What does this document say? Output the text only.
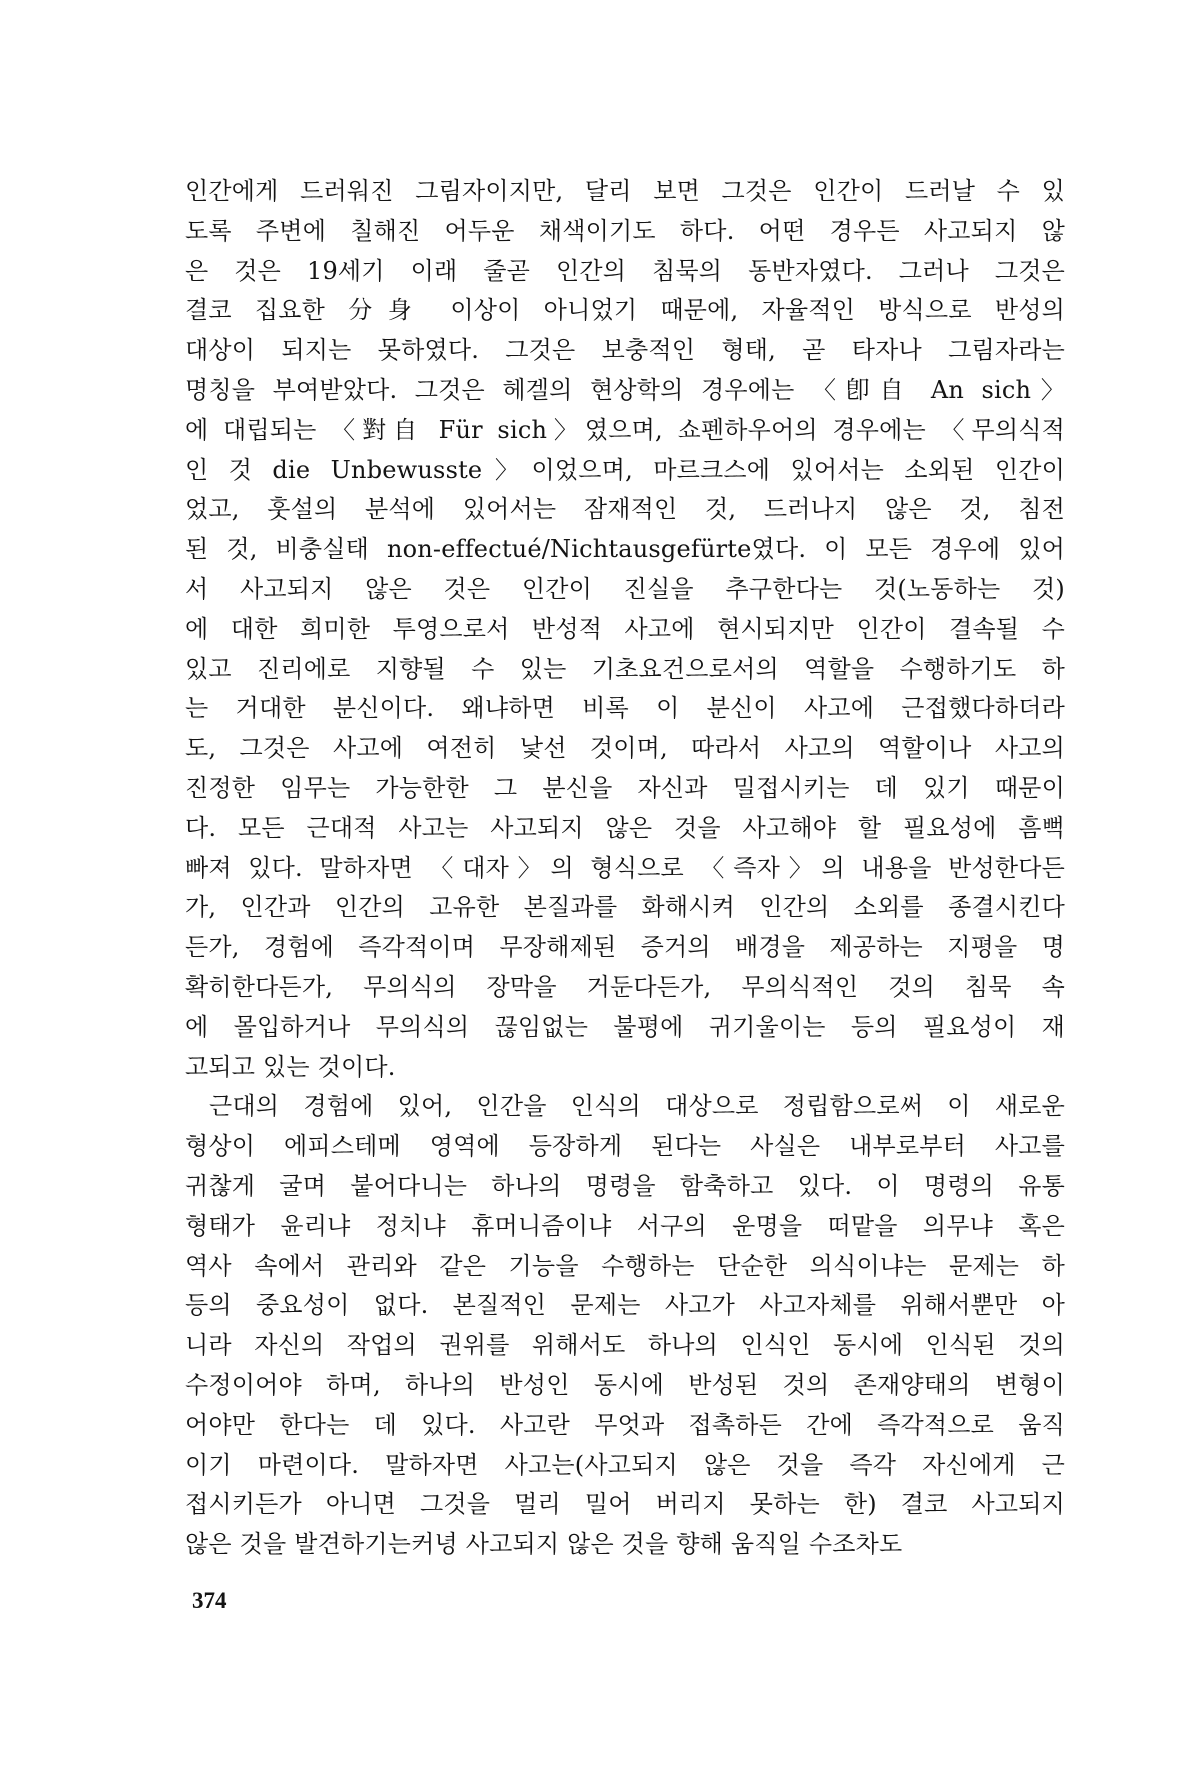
인간에게 드러워진 그림자이지만, 달리 보면 그것은 인간이 드러날 수 있
도록 주변에 칠해진 어두운 채색이기도 하다. 어떤 경우든 사고되지 않
은 것은 19세기 이래 줄곧 인간의 침묵의 동반자였다. 그러나 그것은
결코 집요한 分身 이상이 아니었기 때문에, 자율적인 방식으로 반성의
대상이 되지는 못하였다. 그것은 보충적인 형태, 곧 타자나 그림자라는
명칭을 부여받았다. 그것은 헤겔의 현상학의 경우에는 〈卽自 An sich〉
에 대립되는 〈對自 Für sich〉였으며, 쇼펜하우어의 경우에는 〈무의식적
인 것 die Unbewusste〉이었으며, 마르크스에 있어서는 소외된 인간이
었고, 훗설의 분석에 있어서는 잠재적인 것, 드러나지 않은 것, 침전
된 것, 비충실태 non-effectué/Nichtausgefürte였다. 이 모든 경우에 있어
서 사고되지 않은 것은 인간이 진실을 추구한다는 것(노동하는 것)
에 대한 희미한 투영으로서 반성적 사고에 현시되지만 인간이 결속될 수
있고 진리에로 지향될 수 있는 기초요건으로서의 역할을 수행하기도 하
는 거대한 분신이다. 왜냐하면 비록 이 분신이 사고에 근접했다하더라
도, 그것은 사고에 여전히 낯선 것이며, 따라서 사고의 역할이나 사고의
진정한 임무는 가능한한 그 분신을 자신과 밀접시키는 데 있기 때문이
다. 모든 근대적 사고는 사고되지 않은 것을 사고해야 할 필요성에 흠뻑
빠져 있다. 말하자면 〈대자〉의 형식으로 〈즉자〉의 내용을 반성한다든
가, 인간과 인간의 고유한 본질과를 화해시켜 인간의 소외를 종결시킨다
든가, 경험에 즉각적이며 무장해제된 증거의 배경을 제공하는 지평을 명
확히한다든가, 무의식의 장막을 거둔다든가, 무의식적인 것의 침묵 속
에 몰입하거나 무의식의 끊임없는 불평에 귀기울이는 등의 필요성이 재
고되고 있는 것이다.
근대의 경험에 있어, 인간을 인식의 대상으로 정립함으로써 이 새로운
형상이 에피스테메 영역에 등장하게 된다는 사실은 내부로부터 사고를
귀찮게 굴며 붙어다니는 하나의 명령을 함축하고 있다. 이 명령의 유통
형태가 윤리냐 정치냐 휴머니즘이냐 서구의 운명을 떠맡을 의무냐 혹은
역사 속에서 관리와 같은 기능을 수행하는 단순한 의식이냐는 문제는 하
등의 중요성이 없다. 본질적인 문제는 사고가 사고자체를 위해서뿐만 아
니라 자신의 작업의 권위를 위해서도 하나의 인식인 동시에 인식된 것의
수정이어야 하며, 하나의 반성인 동시에 반성된 것의 존재양태의 변형이
어야만 한다는 데 있다. 사고란 무엇과 접촉하든 간에 즉각적으로 움직
이기 마련이다. 말하자면 사고는(사고되지 않은 것을 즉각 자신에게 근
접시키든가 아니면 그것을 멀리 밀어 버리지 못하는 한) 결코 사고되지
않은 것을 발견하기는커녕 사고되지 않은 것을 향해 움직일 수조차도
374
